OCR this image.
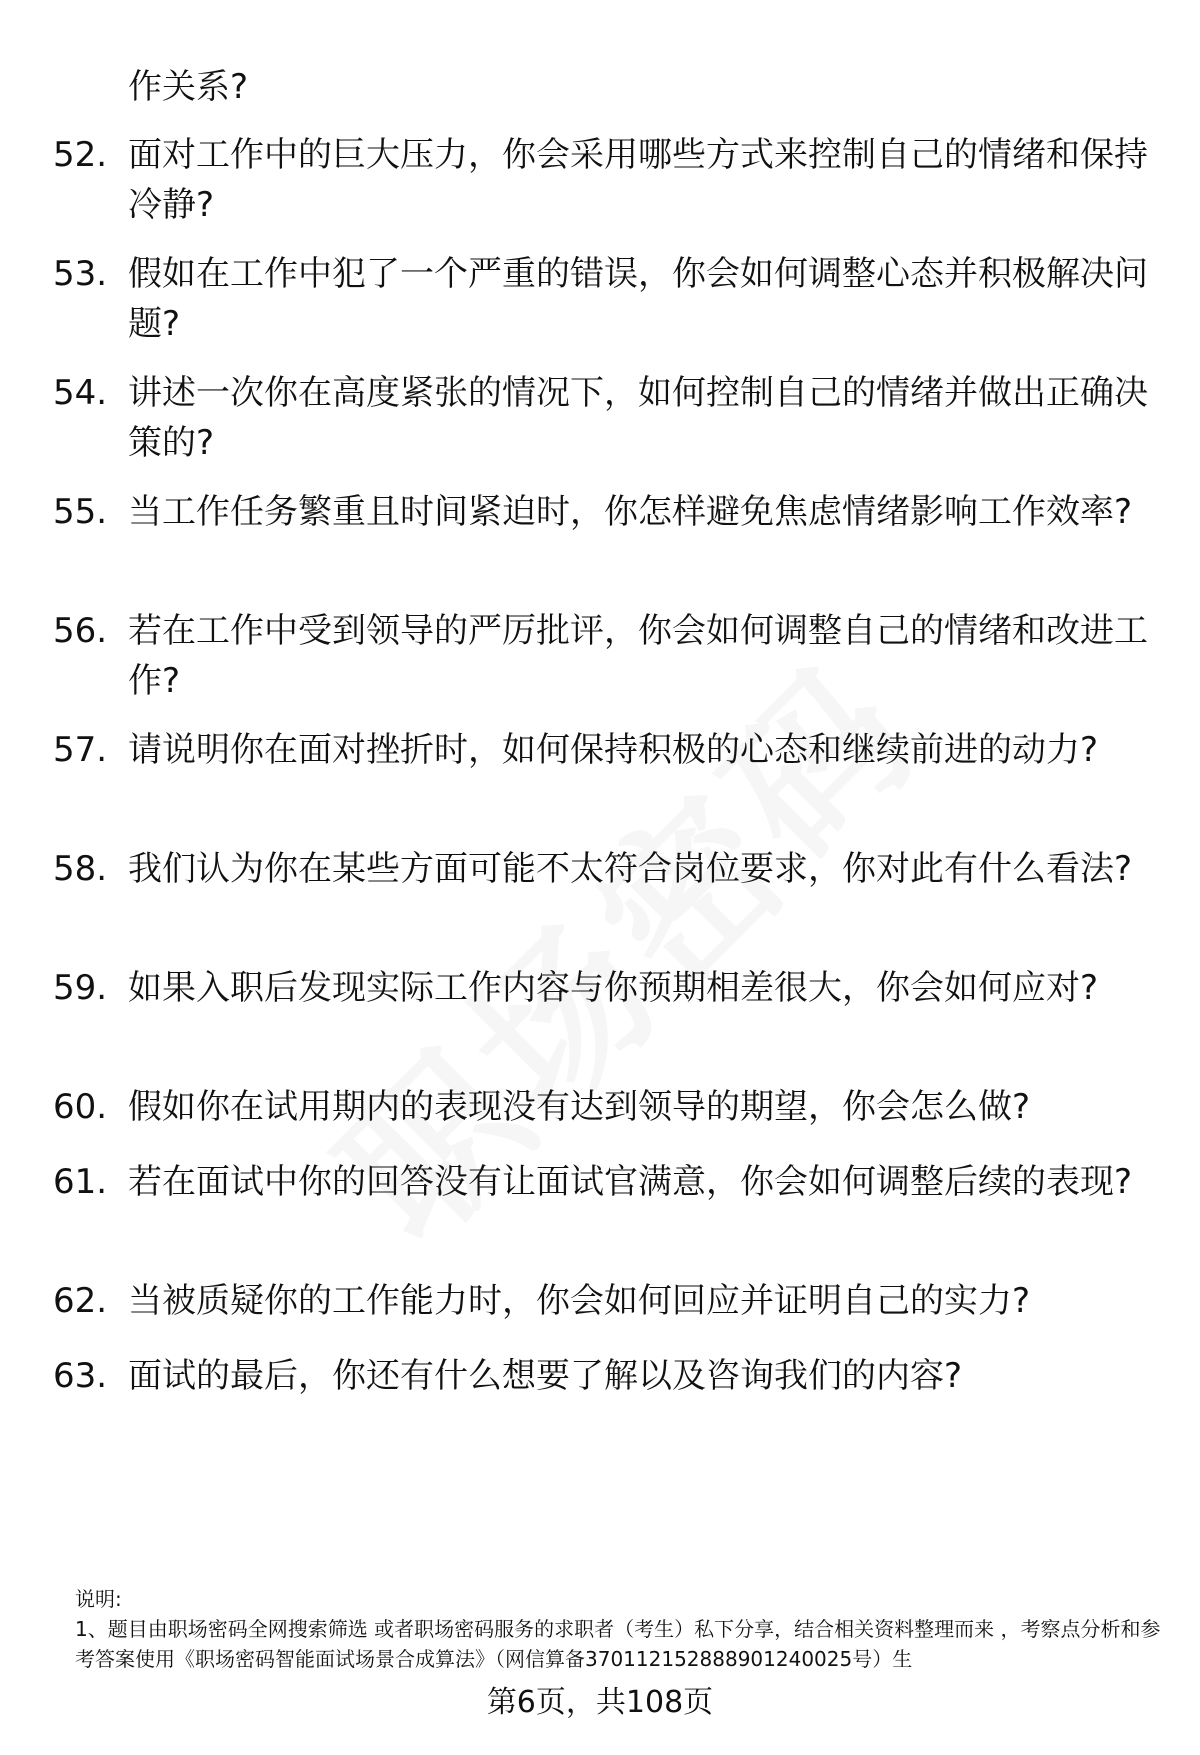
作关系?
52. 面对工作中的巨大压力，你会采用哪些方式来控制自己的情绪和保持冷静?
53. 假如在工作中犯了一个严重的错误，你会如何调整心态并积极解决问题?
54. 讲述一次你在高度紧张的情况下，如何控制自己的情绪并做出正确决策的?
55. 当工作任务繁重且时间紧迫时，你怎样避免焦虑情绪影响工作效率?
56. 若在工作中受到领导的严厉批评，你会如何调整自己的情绪和改进工作?
57. 请说明你在面对挫折时，如何保持积极的心态和继续前进的动力?
58. 我们认为你在某些方面可能不太符合岗位要求，你对此有什么看法?
59. 如果入职后发现实际工作内容与你预期相差很大，你会如何应对?
60. 假如你在试用期内的表现没有达到领导的期望，你会怎么做?
61. 若在面试中你的回答没有让面试官满意，你会如何调整后续的表现?
62. 当被质疑你的工作能力时，你会如何回应并证明自己的实力?
63. 面试的最后，你还有什么想要了解以及咨询我们的内容?
说明:
1、题目由职场密码全网搜索筛选 或者职场密码服务的求职者（考生）私下分享，结合相关资料整理而来 ，考察点分析和参考答案使用《职场密码智能面试场景合成算法》（网信算备370112152888901240025号）生
第6页，共108页
